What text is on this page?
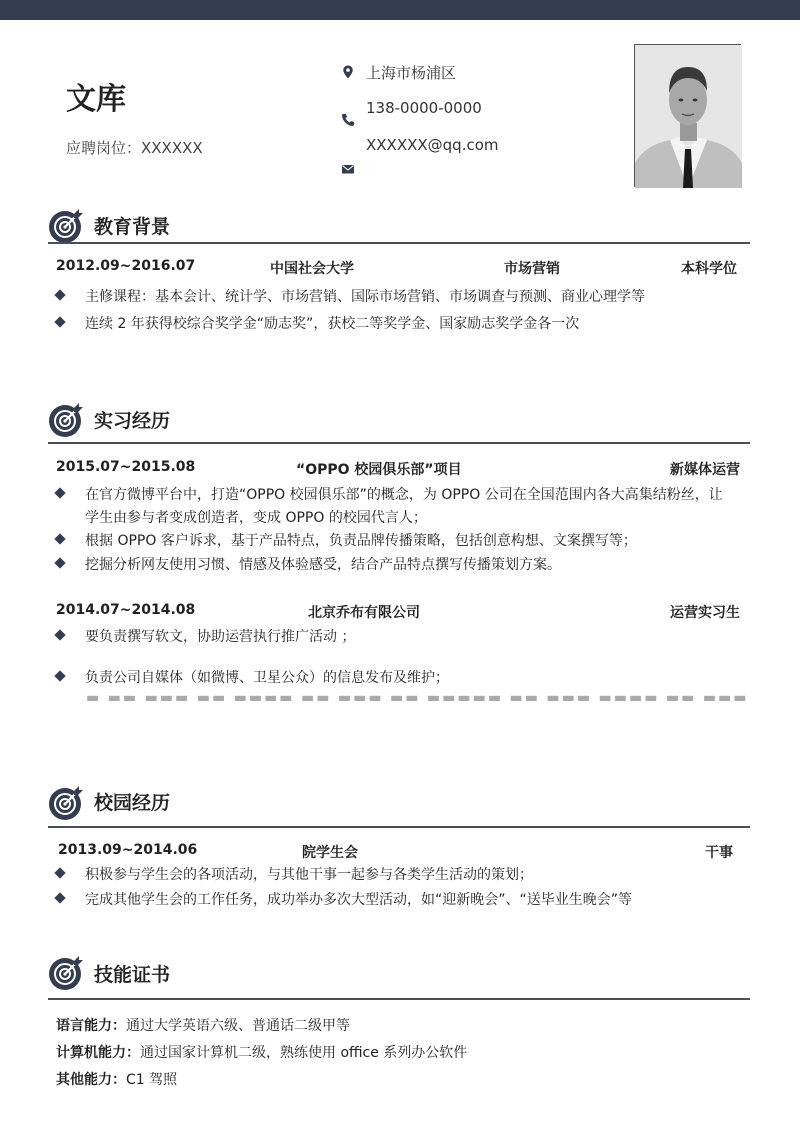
文库
应聘岗位：XXXXXX
上海市杨浦区
138-0000-0000
XXXXXX@qq.com
教育背景
2012.09~2016.07	中国社会大学	市场营销	本科学位
主修课程：基本会计、统计学、市场营销、国际市场营销、市场调查与预测、商业心理学等
连续 2 年获得校综合奖学金“励志奖”，获校二等奖学金、国家励志奖学金各一次
实习经历
2015.07~2015.08	“OPPO 校园俱乐部”项目	新媒体运营
在官方微博平台中，打造“OPPO 校园俱乐部”的概念，为 OPPO 公司在全国范围内各大高集结粉丝，让
学生由参与者变成创造者，变成 OPPO 的校园代言人；
根据 OPPO 客户诉求，基于产品特点，负责品牌传播策略，包括创意构想、文案撰写等；
挖掘分析网友使用习惯、情感及体验感受，结合产品特点撰写传播策划方案。
2014.07~2014.08	北京乔布有限公司	运营实习生
要负责撰写软文，协助运营执行推广活动 ；
负责公司自媒体（如微博、卫星公众）的信息发布及维护；
▬ ▬▬ ▬▬▬ ▬▬ ▬▬▬▬ ▬▬ ▬▬▬ ▬▬ ▬▬▬▬▬ ▬▬ ▬▬▬ ▬▬▬▬ ▬▬ ▬▬▬
校园经历
2013.09~2014.06	院学生会	干事
积极参与学生会的各项活动，与其他干事一起参与各类学生活动的策划；
完成其他学生会的工作任务，成功举办多次大型活动，如“迎新晚会”、“送毕业生晚会”等
技能证书
语言能力：通过大学英语六级、普通话二级甲等
计算机能力：通过国家计算机二级，熟练使用 office 系列办公软件
其他能力：C1 驾照
